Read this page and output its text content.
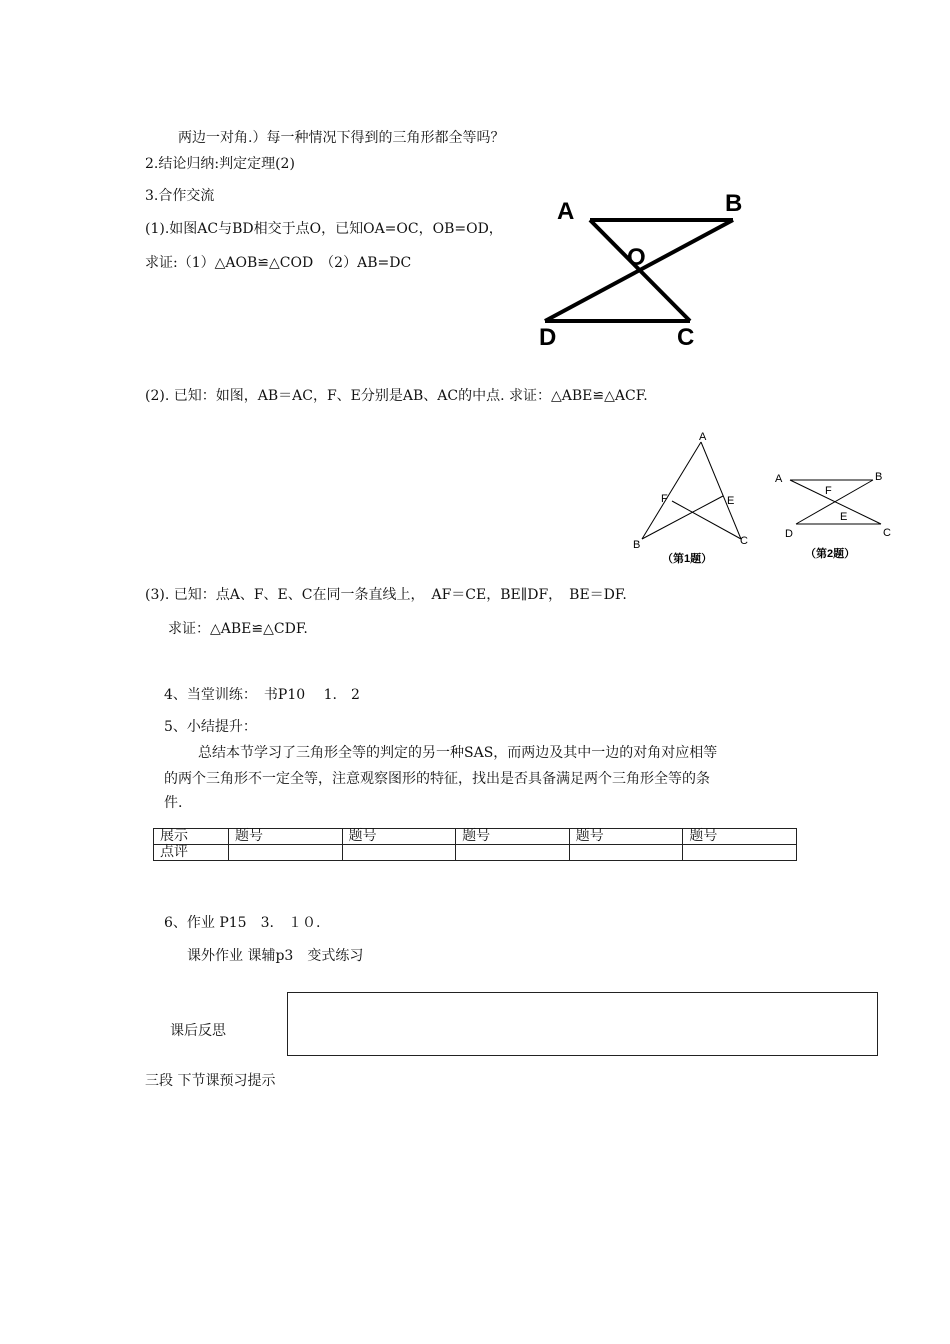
两边一对角.）每一种情况下得到的三角形都全等吗？
2.结论归纳:判定定理(2)
3.合作交流
(1).如图AC与BD相交于点O，已知OA=OC，OB=OD，
求证:（1）△AOB≌△COD　（2）AB=DC
A	B
O
D	C
(2). 已知：如图，AB＝AC，F、E分别是AB、AC的中点. 求证：△ABE≌△ACF.
A
F	E
B	C
（第1题）
A	B
F
E
D	C
（第2题）
(3). 已知：点A、F、E、C在同一条直线上，　AF＝CE，BE∥DF，　BE＝DF.
求证：△ABE≌△CDF.
4、当堂训练：　书P10　 1.　2
5、小结提升：
总结本节学习了三角形全等的判定的另一种SAS，而两边及其中一边的对角对应相等
的两个三角形不一定全等，注意观察图形的特征，找出是否具备满足两个三角形全等的条
件.
展示	题号	题号	题号	题号	题号
点评					
6、作业 P15　3.　１０.
课外作业 课辅p3　变式练习
课后反思
三段 下节课预习提示
